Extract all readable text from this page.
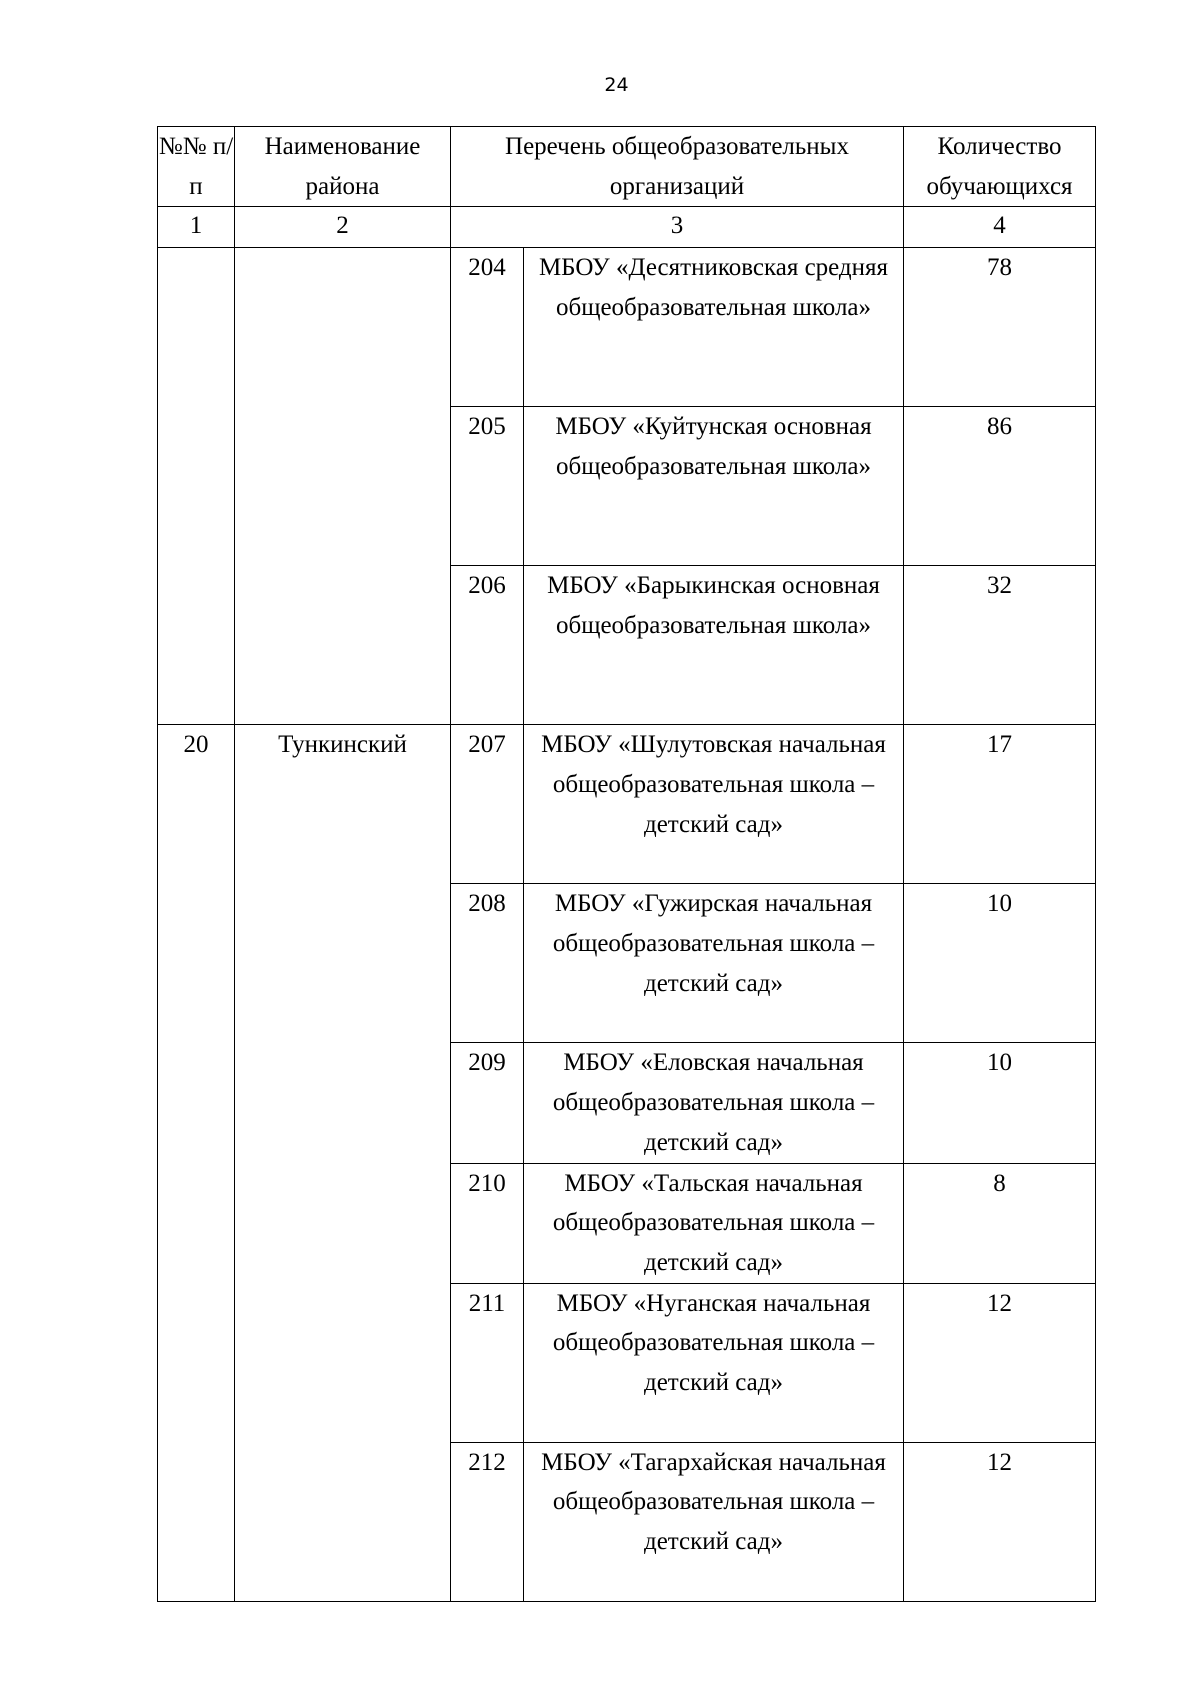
24
№№ п/п	Наименование района	Перечень общеобразовательных организаций		Количество обучающихся
1	2	3		4
		204	МБОУ «Десятниковская средняя общеобразовательная школа»	78
		205	МБОУ «Куйтунская основная общеобразовательная школа»	86
		206	МБОУ «Барыкинская основная общеобразовательная школа»	32
20	Тункинский	207	МБОУ «Шулутовская начальная общеобразовательная школа – детский сад»	17
		208	МБОУ «Гужирская начальная общеобразовательная школа – детский сад»	10
		209	МБОУ «Еловская начальная общеобразовательная школа – детский сад»	10
		210	МБОУ «Тальская начальная общеобразовательная школа – детский сад»	8
		211	МБОУ «Нуганская начальная общеобразовательная школа – детский сад»	12
		212	МБОУ «Тагархайская начальная общеобразовательная школа – детский сад»	12
